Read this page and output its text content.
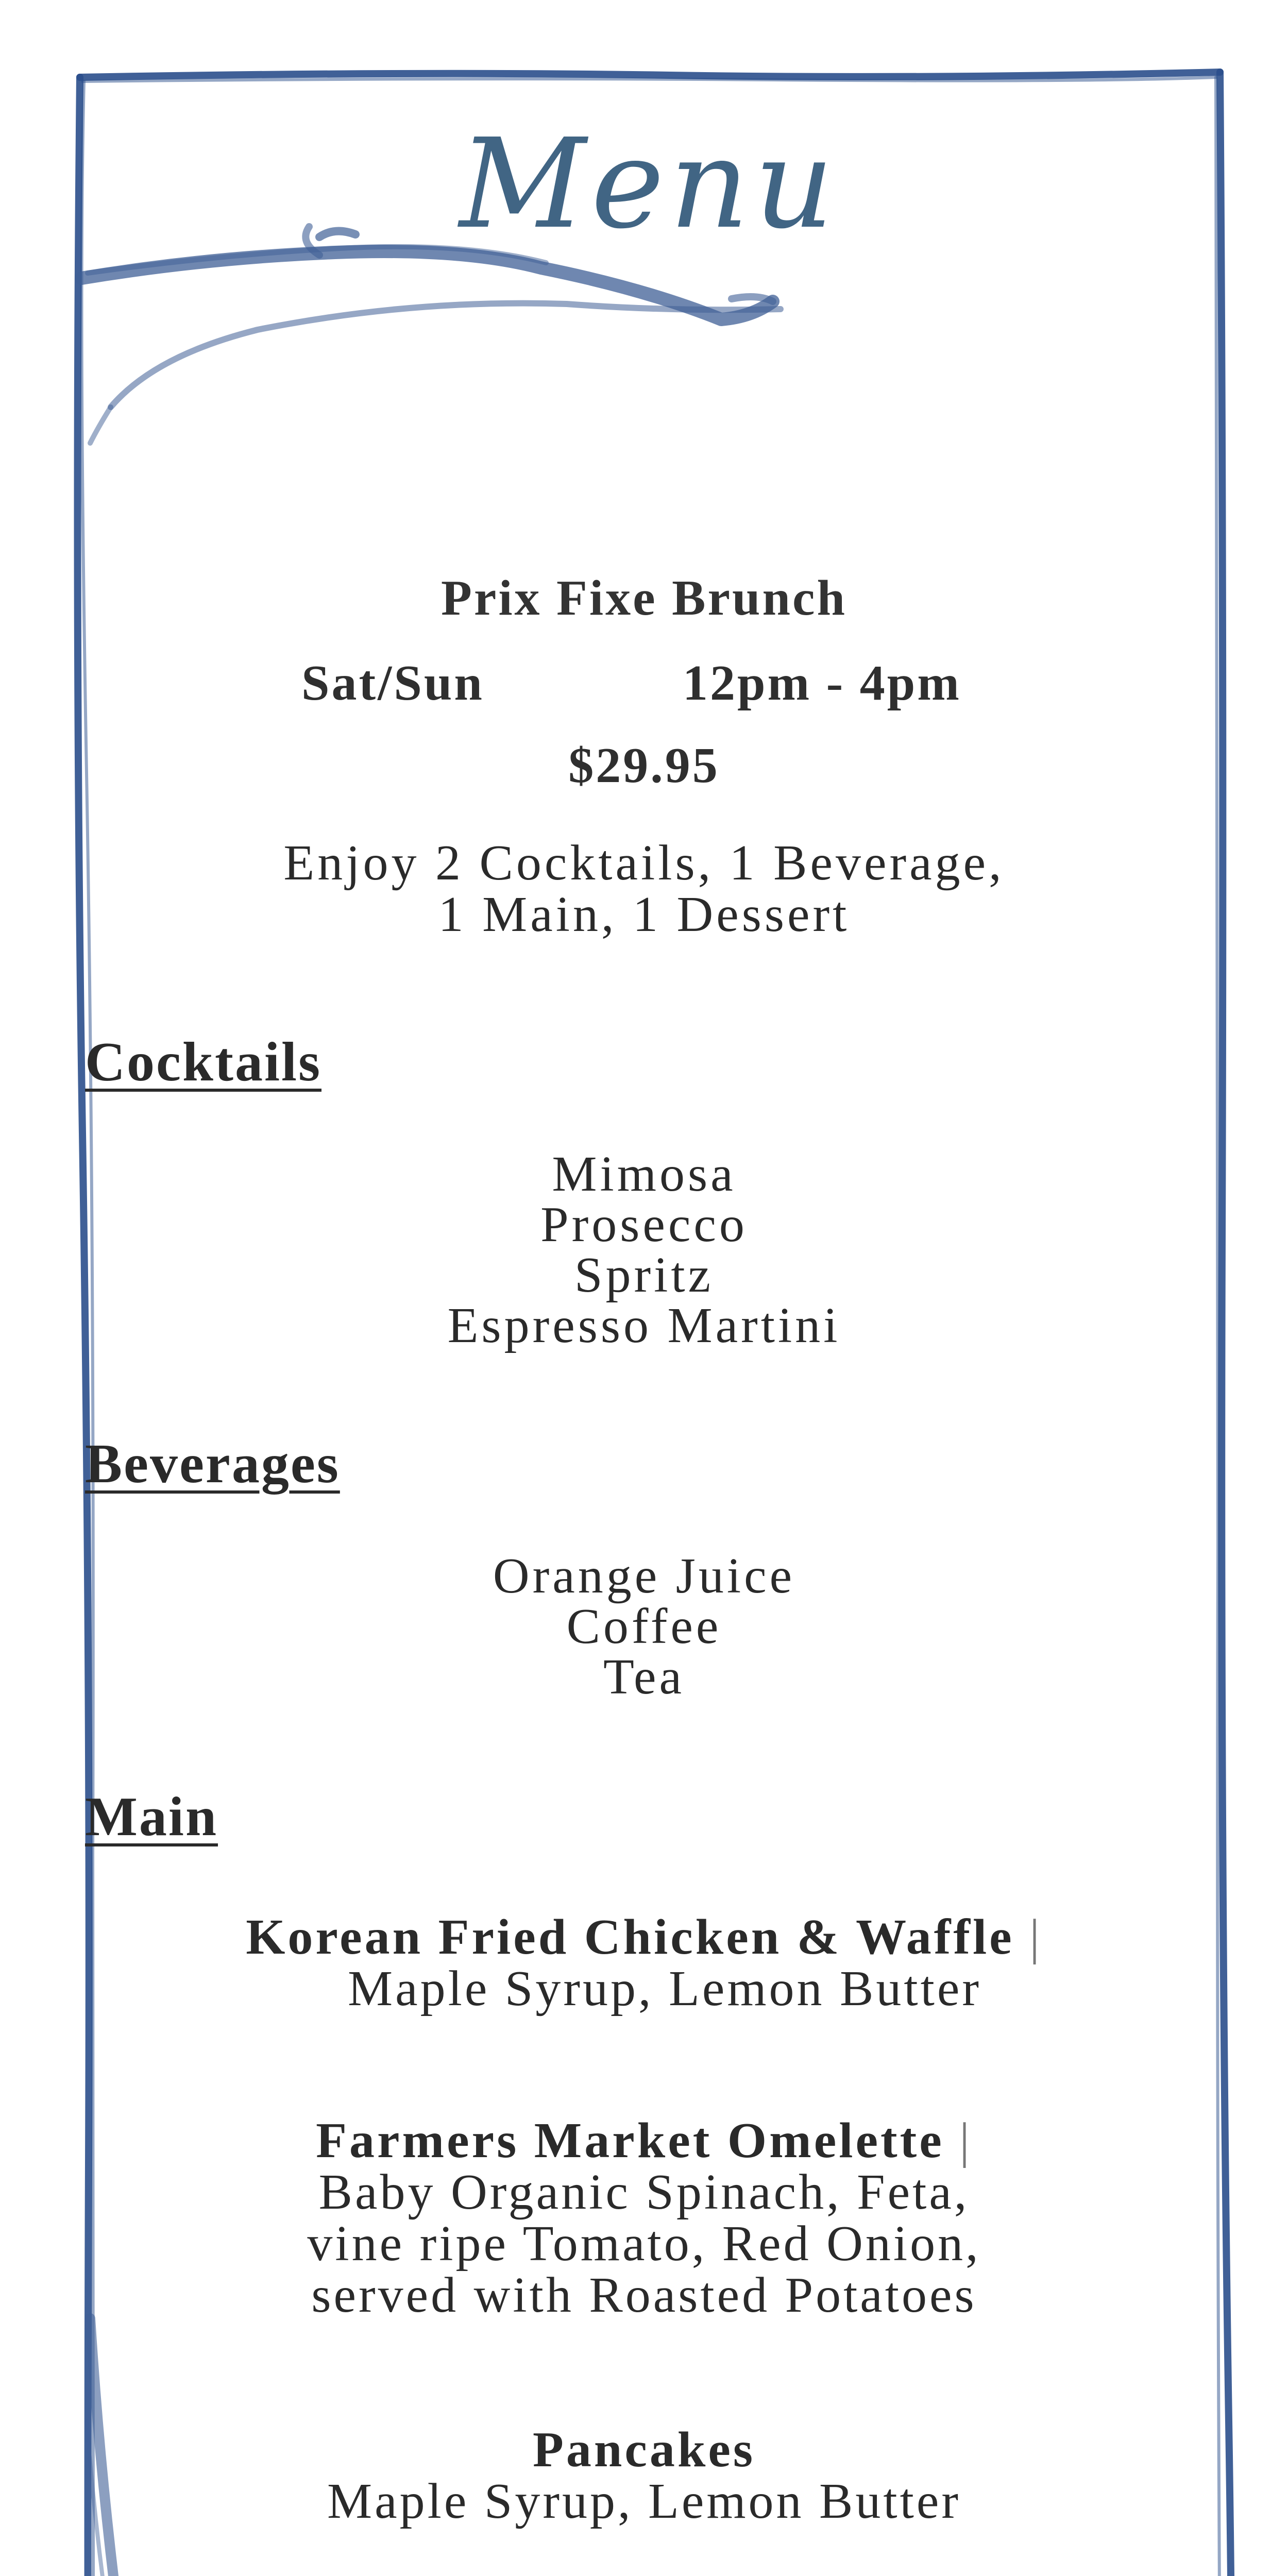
Menu

Prix Fixe Brunch

Sat/Sun	12pm - 4pm

$29.95

Enjoy 2 Cocktails, 1 Beverage,
1 Main, 1 Dessert
Cocktails
Mimosa
Prosecco
Spritz
Espresso Martini
Beverages
Orange Juice
Coffee
Tea
Main
Korean Fried Chicken & Waffle |
Maple Syrup, Lemon Butter
Farmers Market Omelette |
Baby Organic Spinach, Feta,
vine ripe Tomato, Red Onion,
served with Roasted Potatoes
Pancakes
Maple Syrup, Lemon Butter
